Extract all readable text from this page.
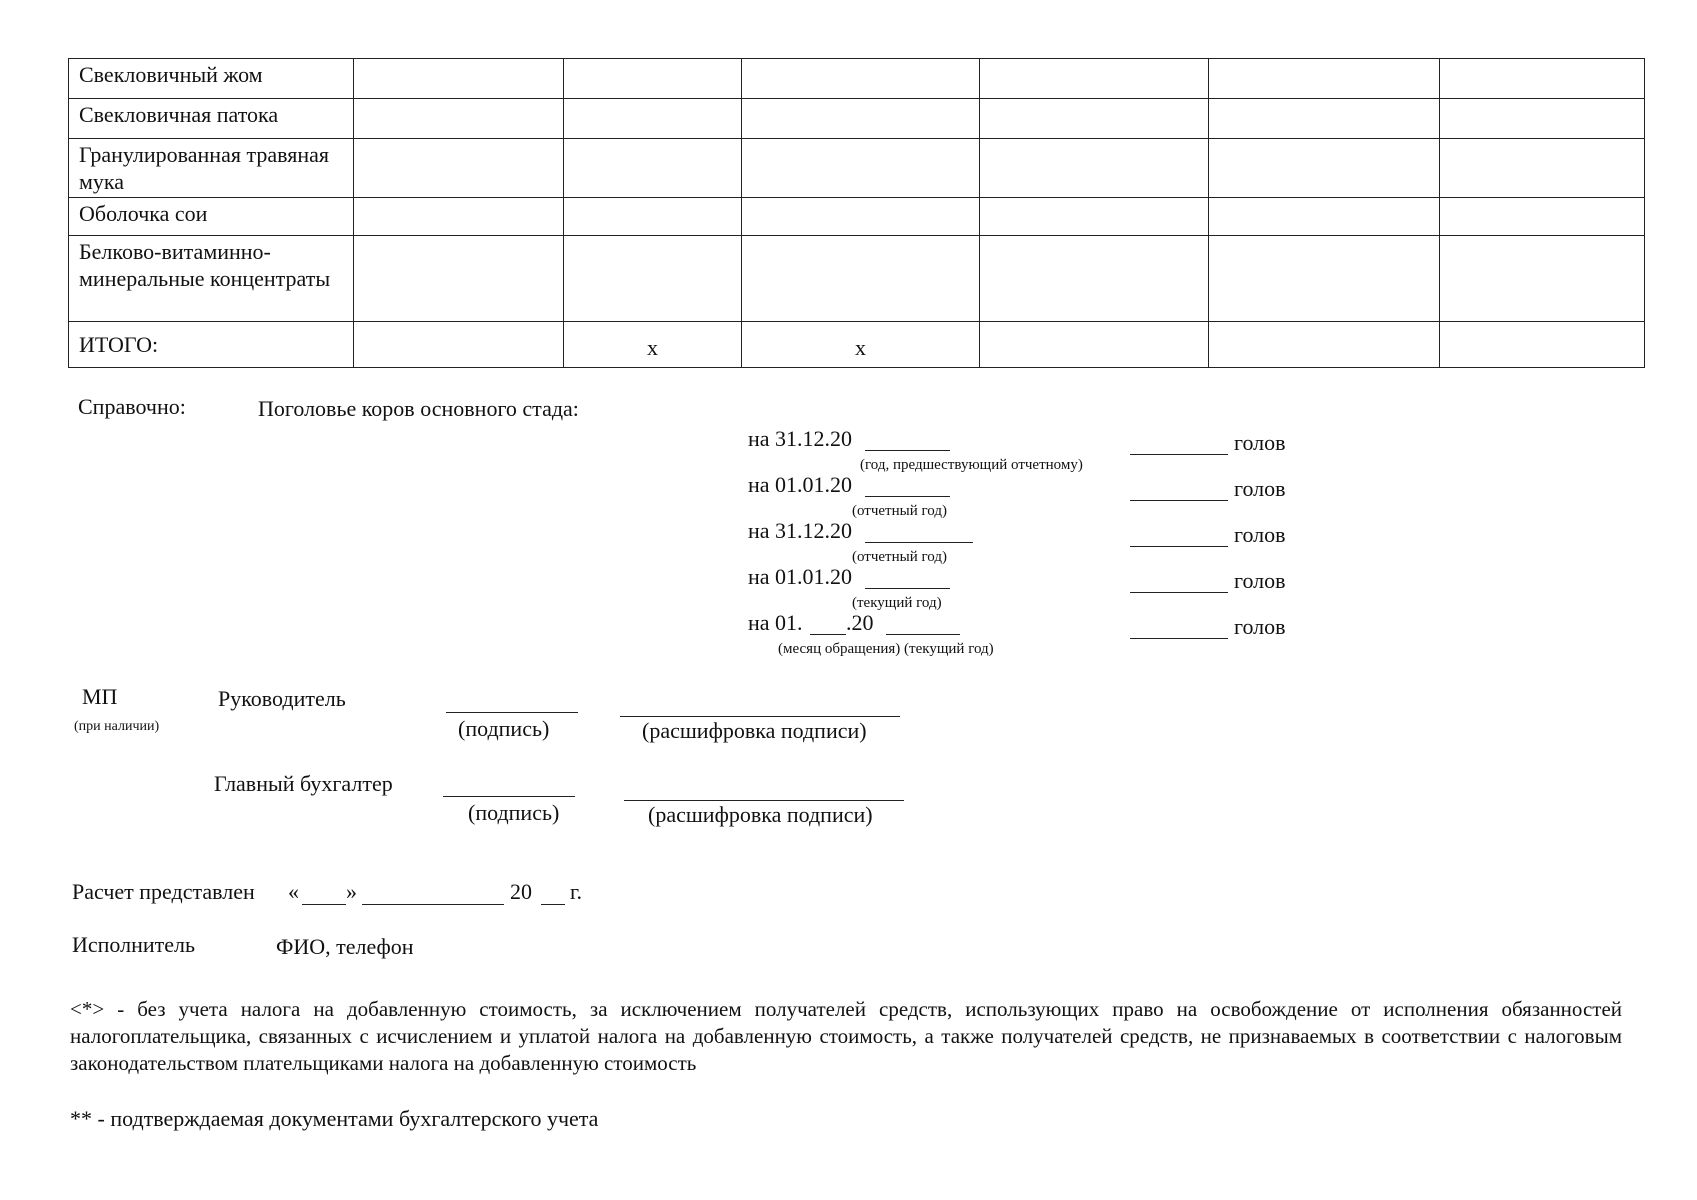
Свекловичный жом						
Свекловичная патока						
Гранулированная травяная мука						
Оболочка сои						
Белково-витаминно-минеральные концентраты						
ИТОГО:		x	x			
Справочно:	Поголовье коров основного стада:
на 31.12.20
(год, предшествующий отчетному)
голов
на 01.01.20
(отчетный год)
голов
на 31.12.20
(отчетный год)
голов
на 01.01.20
(текущий год)
голов
на 01. .20
(месяц обращения) (текущий год)
голов
МП
(при наличии)
Руководитель
(подпись)	(расшифровка подписи)
Главный бухгалтер
(подпись)	(расшифровка подписи)
Расчет представлен « »	20 г.
Исполнитель	ФИО, телефон
<*> - без учета налога на добавленную стоимость, за исключением получателей средств, использующих право на освобождение от исполнения обязанностей налогоплательщика, связанных с исчислением и уплатой налога на добавленную стоимость, а также получателей средств, не признаваемых в соответствии с налоговым законодательством плательщиками налога на добавленную стоимость
** - подтверждаемая документами бухгалтерского учета
